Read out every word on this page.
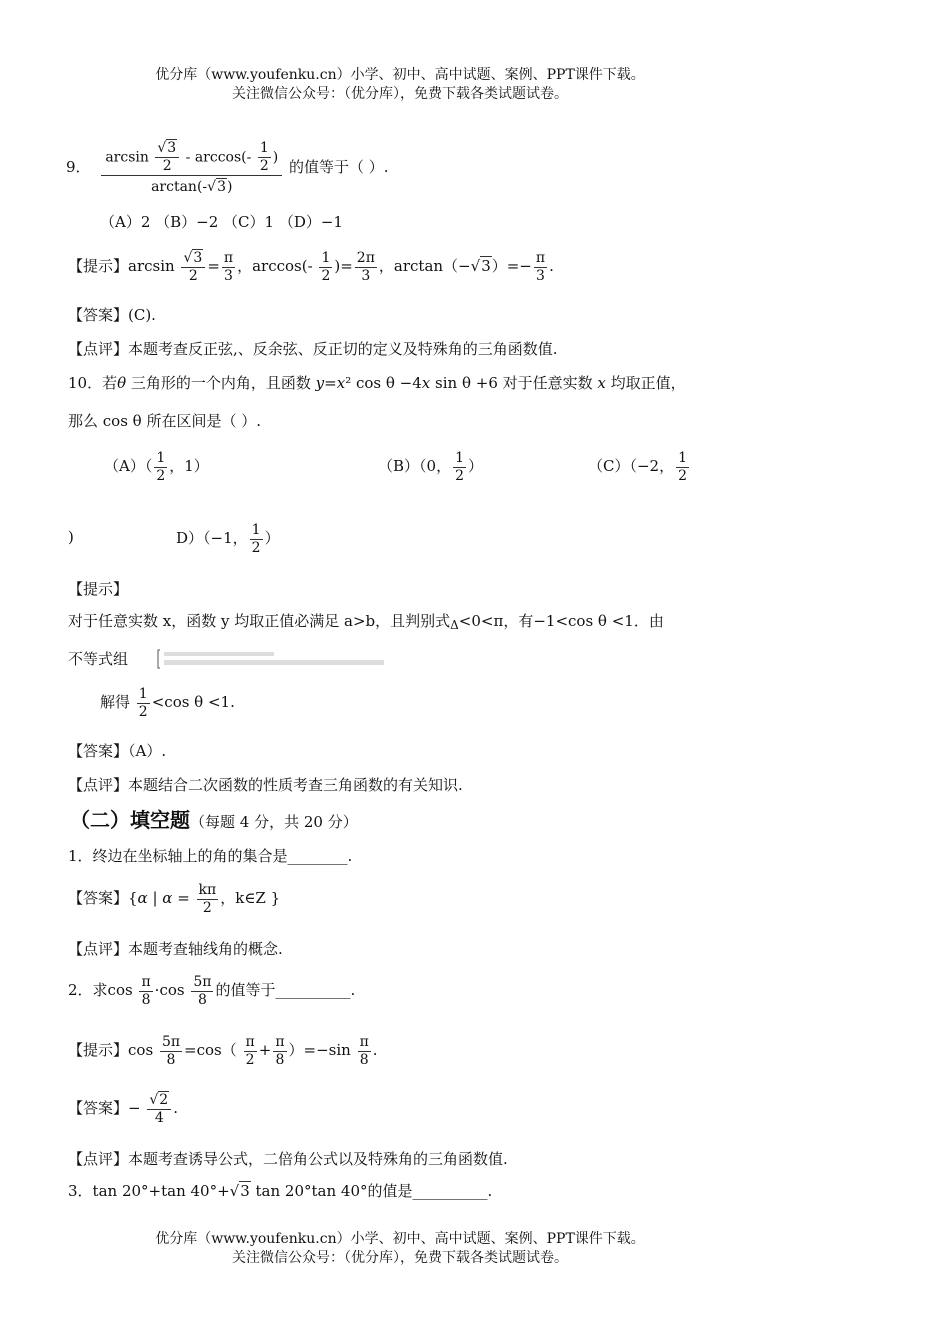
优分库（www.youfenku.cn）小学、初中、高中试题、案例、PPT课件下载。
关注微信公众号：（优分库），免费下载各类试题试卷。
9． $\frac{\arcsin \frac{√3}{2} - \arccos(- \frac{1}{2} )}{\arctan(-√3)}$ 的值等于（ ）.
（A）2 （B）−2 （C）1 （D）−1
【提示】$\arcsin \frac{√3}{2} = \frac{\pi}{3}$ ，$\arccos(- \frac{1}{2}$ )= $\frac{2\pi}{3}$ ，$\arctan(-√3)=- \frac{\pi}{3}$ .
【答案】(C).
【点评】本题考查反正弦,、反余弦、反正切的定义及特殊角的三角函数值.
10．若θ 三角形的一个内角，且函数 y=x² cos θ −4x sin θ +6 对于任意实数 x 均取正值，
那么 cos θ 所在区间是（ ）.
$(A)( \frac{1}{2}$ ，1）	（B）（0， $\frac{1}{2}$ ）	（C）（−2， $\frac{1}{2}$
)	D）（−1， $\frac{1}{2}$ ）
【提示】
对于任意实数 x，函数 y 均取正值必满足 a>b，且判别式$_\Delta$<0<π，有−1<cos θ <1．由
不等式组
解得 $\frac{1}{2} <\cos$ θ <1.
【答案】（A）.
【点评】本题结合二次函数的性质考查三角函数的有关知识.
（二）填空题（每题 4 分，共 20 分）
1．终边在坐标轴上的角的集合是________.
【答案】{α | $\alpha = \frac{k\pi}{2}$ ，k∈Z }
【点评】本题考查轴线角的概念.
2．求$\cos \frac{\pi}{8} \cdot\cos \frac{5\pi}{8}$ 的值等于__________.
【提示】$\cos \frac{5\pi}{8} =\cos( \frac{\pi}{2} + \frac{\pi}{8} )=-\sin \frac{\pi}{8}$ .
【答案】− $\frac{√2}{4}$ .
【点评】本题考查诱导公式，二倍角公式以及特殊角的三角函数值.
3．tan 20°+tan 40°+√3 tan 20°tan 40°的值是__________.
优分库（www.youfenku.cn）小学、初中、高中试题、案例、PPT课件下载。
关注微信公众号：（优分库），免费下载各类试题试卷。
